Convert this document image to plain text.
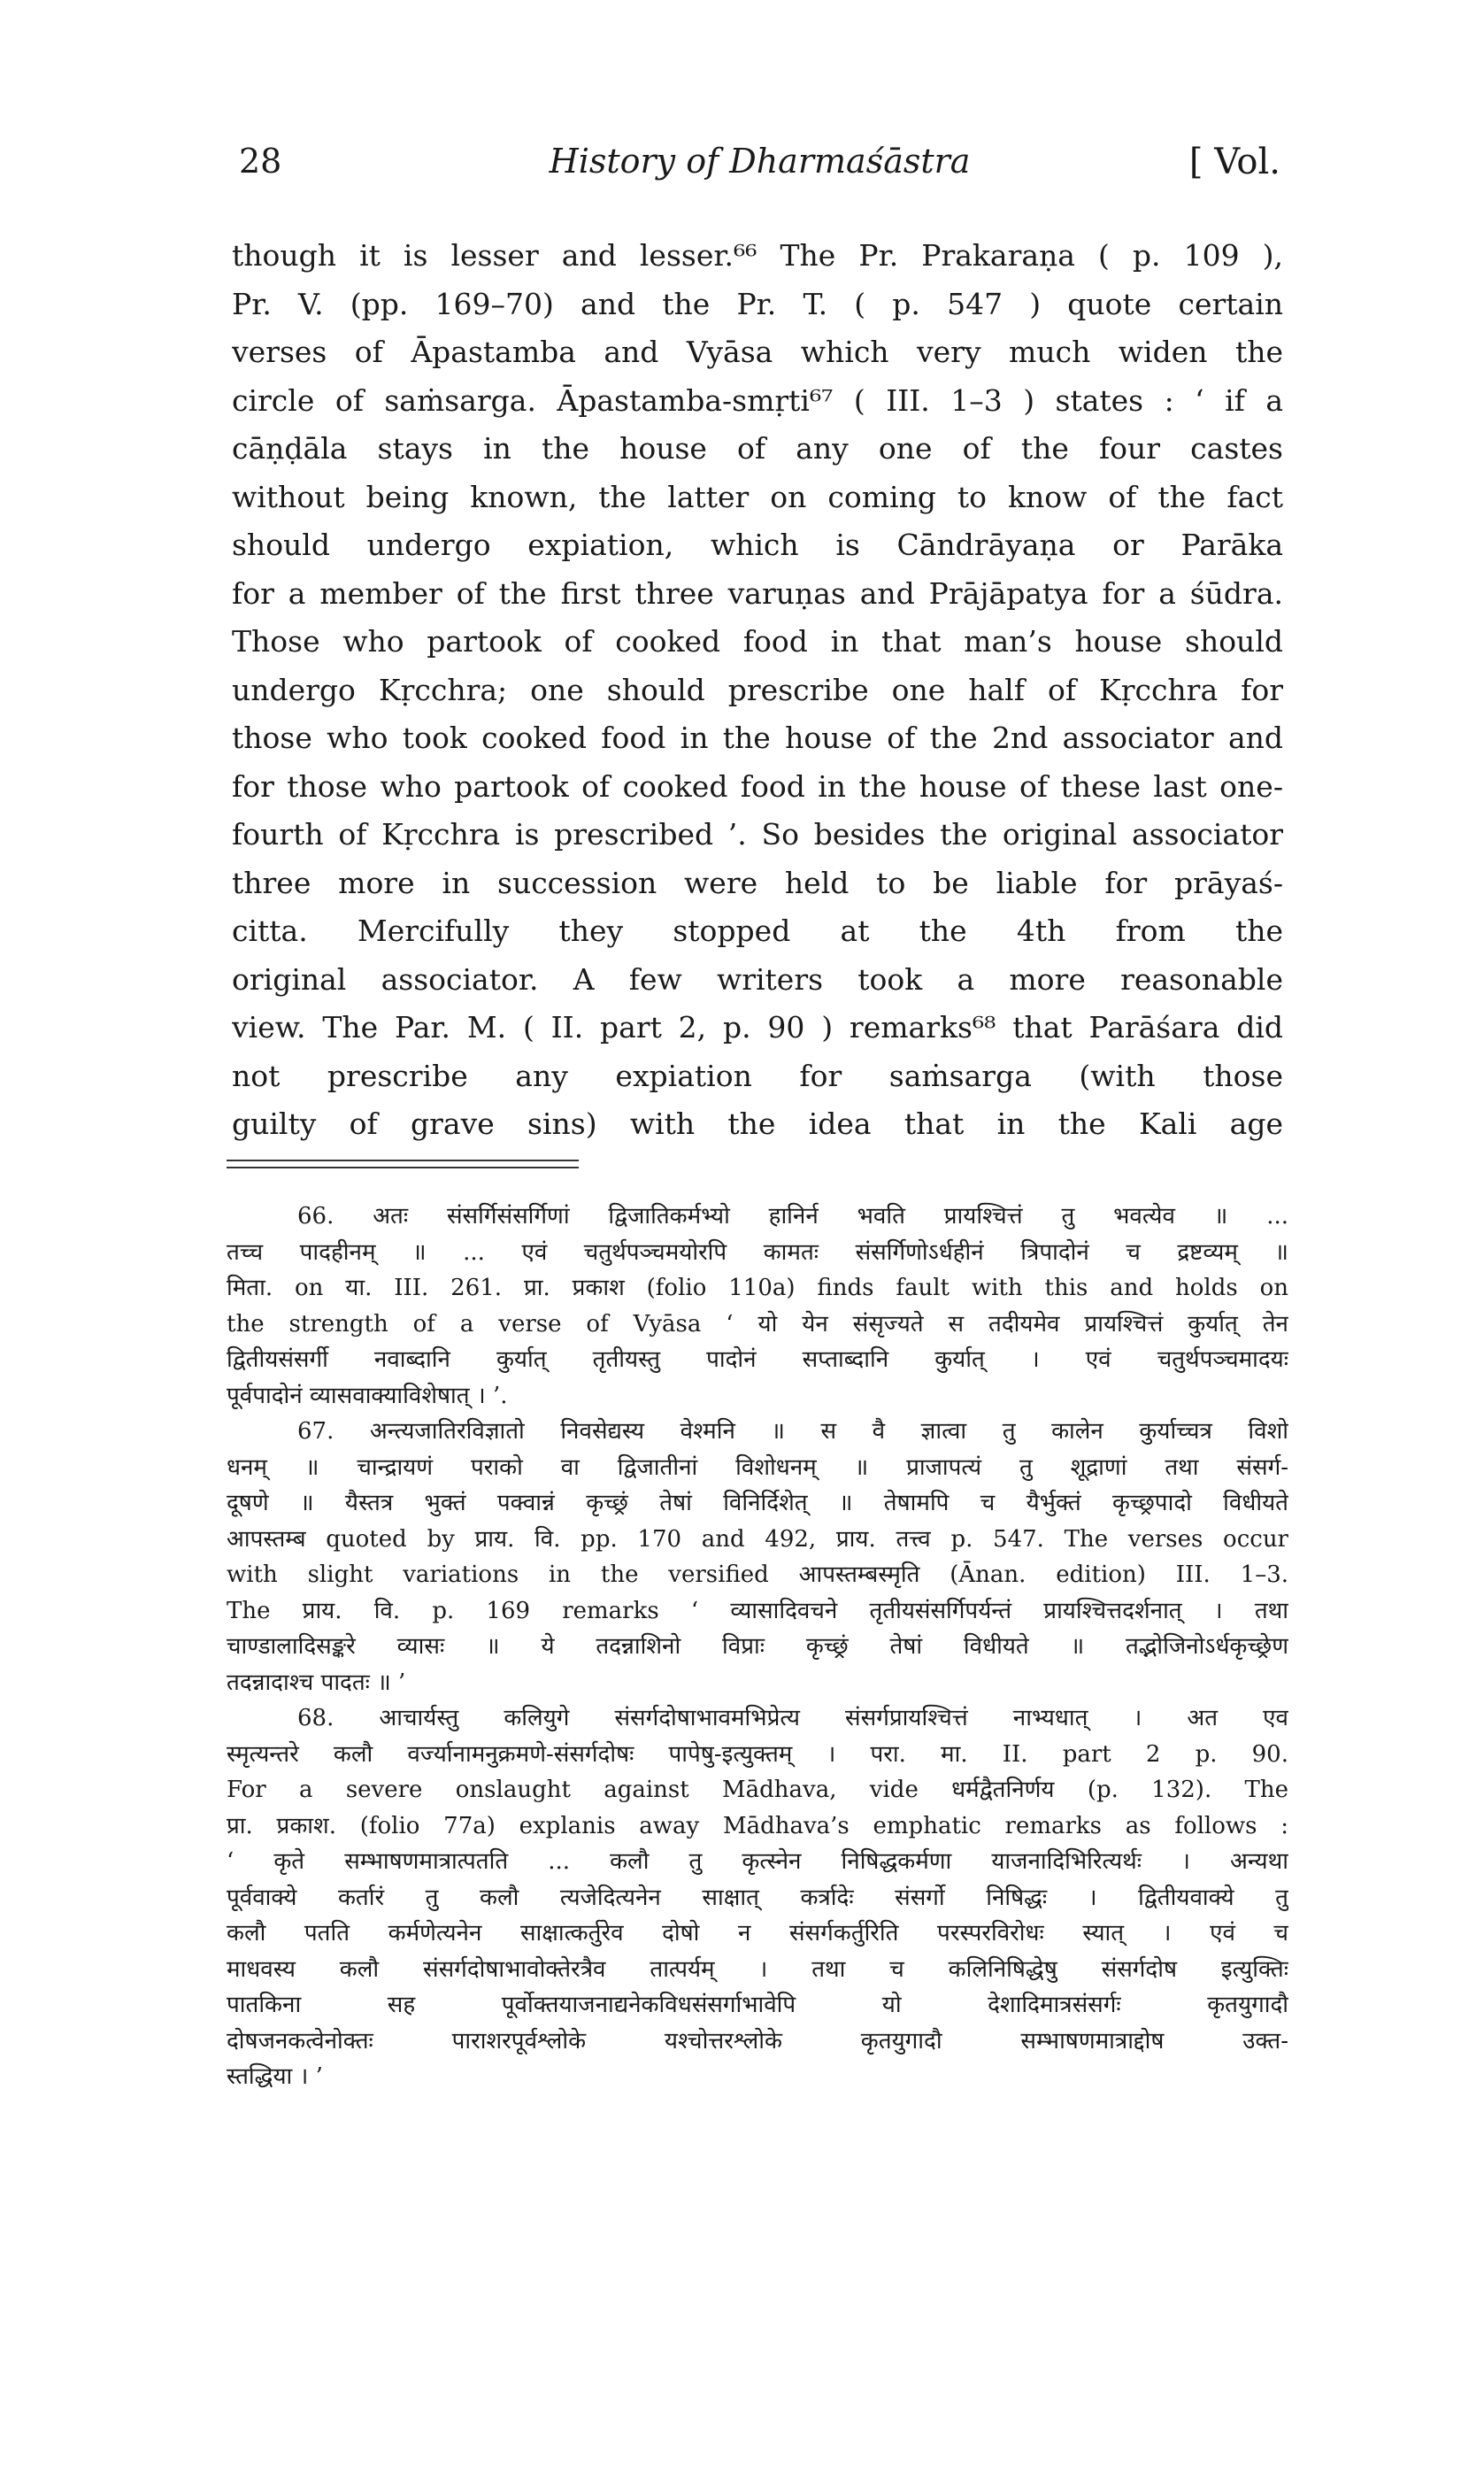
28	History of Dharmaśāstra	[ Vol.
though it is lesser and lesser.⁶⁶ The Pr. Prakaraṇa ( p. 109 ),
Pr. V. (pp. 169–70) and the Pr. T. ( p. 547 ) quote certain
verses of Āpastamba and Vyāsa which very much widen the
circle of saṁsarga. Āpastamba-smṛti⁶⁷ ( III. 1–3 ) states : ‘ if a
cāṇḍāla stays in the house of any one of the four castes
without being known, the latter on coming to know of the fact
should undergo expiation, which is Cāndrāyaṇa or Parāka
for a member of the first three varuṇas and Prājāpatya for a śūdra.
Those who partook of cooked food in that man’s house should
undergo Kṛcchra; one should prescribe one half of Kṛcchra for
those who took cooked food in the house of the 2nd associator and
for those who partook of cooked food in the house of these last one-
fourth of Kṛcchra is prescribed ’. So besides the original associator
three more in succession were held to be liable for prāyaś-
citta. Mercifully they stopped at the 4th from the
original associator. A few writers took a more reasonable
view. The Par. M. ( II. part 2, p. 90 ) remarks⁶⁸ that Parāśara did
not prescribe any expiation for saṁsarga (with those
guilty of grave sins) with the idea that in the Kali age
66. अतः संसर्गिसंसर्गिणां द्विजातिकर्मभ्यो हानिर्न भवति प्रायश्चित्तं तु भवत्येव ॥ ...
तच्च पादहीनम् ॥ ... एवं चतुर्थपञ्चमयोरपि कामतः संसर्गिणोऽर्धहीनं त्रिपादोनं च द्रष्टव्यम् ॥
मिता. on या. III. 261. प्रा. प्रकाश (folio 110a) finds fault with this and holds on
the strength of a verse of Vyāsa ‘ यो येन संसृज्यते स तदीयमेव प्रायश्चित्तं कुर्यात् तेन
द्वितीयसंसर्गी नवाब्दानि कुर्यात् तृतीयस्तु पादोनं सप्ताब्दानि कुर्यात् । एवं चतुर्थपञ्चमादयः
पूर्वपादोनं व्यासवाक्याविशेषात् । ’.
67. अन्त्यजातिरविज्ञातो निवसेद्यस्य वेश्मनि ॥ स वै ज्ञात्वा तु कालेन कुर्याच्चत्र विशो
धनम् ॥ चान्द्रायणं पराको वा द्विजातीनां विशोधनम् ॥ प्राजापत्यं तु शूद्राणां तथा संसर्ग-
दूषणे ॥ यैस्तत्र भुक्तं पक्वान्नं कृच्छ्रं तेषां विनिर्दिशेत् ॥ तेषामपि च यैर्भुक्तं कृच्छ्रपादो विधीयते
आपस्तम्ब quoted by प्राय. वि. pp. 170 and 492, प्राय. तत्त्व p. 547. The verses occur
with slight variations in the versified आपस्तम्बस्मृति (Ānan. edition) III. 1–3.
The प्राय. वि. p. 169 remarks ‘ व्यासादिवचने तृतीयसंसर्गिपर्यन्तं प्रायश्चित्तदर्शनात् । तथा
चाण्डालादिसङ्करे व्यासः ॥ ये तदन्नाशिनो विप्राः कृच्छ्रं तेषां विधीयते ॥ तद्भोजिनोऽर्धकृच्छ्रेण
तदन्नादाश्च पादतः ॥ ’
68. आचार्यस्तु कलियुगे संसर्गदोषाभावमभिप्रेत्य संसर्गप्रायश्चित्तं नाभ्यधात् । अत एव
स्मृत्यन्तरे कलौ वर्ज्यानामनुक्रमणे-संसर्गदोषः पापेषु-इत्युक्तम् । परा. मा. II. part 2 p. 90.
For a severe onslaught against Mādhava, vide धर्मद्वैतनिर्णय (p. 132). The
प्रा. प्रकाश. (folio 77a) explanis away Mādhava’s emphatic remarks as follows :
‘ कृते सम्भाषणमात्रात्पतति ... कलौ तु कृत्स्नेन निषिद्धकर्मणा याजनादिभिरित्यर्थः । अन्यथा
पूर्ववाक्ये कर्तारं तु कलौ त्यजेदित्यनेन साक्षात् कर्त्रादेः संसर्गो निषिद्धः । द्वितीयवाक्ये तु
कलौ पतति कर्मणेत्यनेन साक्षात्कर्तुरेव दोषो न संसर्गकर्तुरिति परस्परविरोधः स्यात् । एवं च
माधवस्य कलौ संसर्गदोषाभावोक्तेरत्रैव तात्पर्यम् । तथा च कलिनिषिद्धेषु संसर्गदोष इत्युक्तिः
पातकिना सह पूर्वोक्तयाजनाद्यनेकविधसंसर्गाभावेपि यो देशादिमात्रसंसर्गः कृतयुगादौ
दोषजनकत्वेनोक्तः पाराशरपूर्वश्लोके यश्चोत्तरश्लोके कृतयुगादौ सम्भाषणमात्राद्दोष उक्त-
स्तद्धिया । ’
